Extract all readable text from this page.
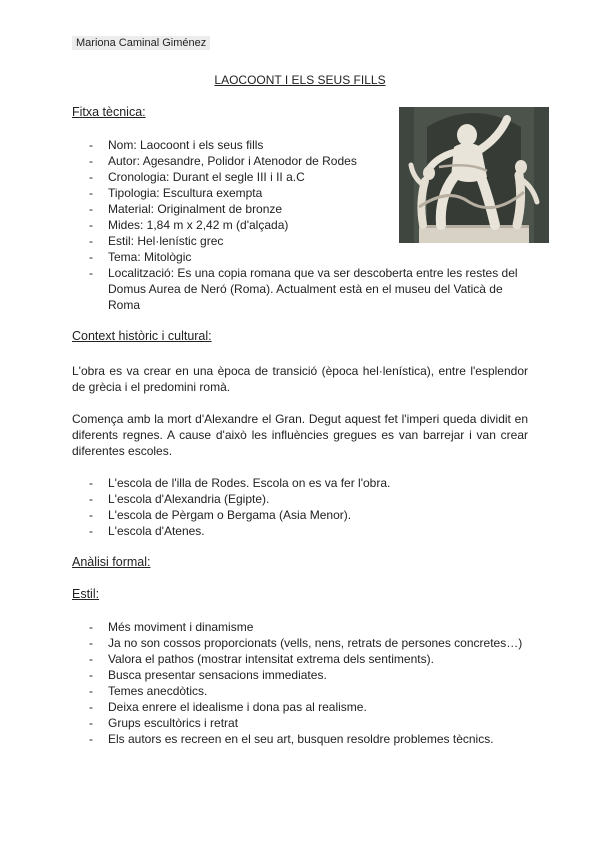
Mariona Caminal Giménez
LAOCOONT I ELS SEUS FILLS
Fitxa tècnica:
- Nom: Laocoont i els seus fills
- Autor: Agesandre, Polidor i Atenodor de Rodes
- Cronologia: Durant el segle III i II a.C
- Tipologia: Escultura exempta
- Material: Originalment de bronze
- Mides: 1,84 m x 2,42 m (d'alçada)
- Estil: Hel·lenístic grec
- Tema: Mitològic
- Localització: Es una copia romana que va ser descoberta entre les restes del Domus Aurea de Neró (Roma). Actualment està en el museu del Vaticà de Roma
Context històric i cultural:
L'obra es va crear en una època de transició (època hel·lenística), entre l'esplendor de grècia i el predomini romà.
Comença amb la mort d'Alexandre el Gran. Degut aquest fet l'imperi queda dividit en diferents regnes. A cause d'això les influències gregues es van barrejar i van crear diferentes escoles.
- L'escola de l'illa de Rodes. Escola on es va fer l'obra.
- L'escola d'Alexandria (Egipte).
- L'escola de Pèrgam o Bergama (Asia Menor).
- L'escola d'Atenes.
Anàlisi formal:
Estil:
- Més moviment i dinamisme
- Ja no son cossos proporcionats (vells, nens, retrats de persones concretes…)
- Valora el pathos (mostrar intensitat extrema dels sentiments).
- Busca presentar sensacions immediates.
- Temes anecdòtics.
- Deixa enrere el idealisme i dona pas al realisme.
- Grups escultòrics i retrat
- Els autors es recreen en el seu art, busquen resoldre problemes tècnics.
